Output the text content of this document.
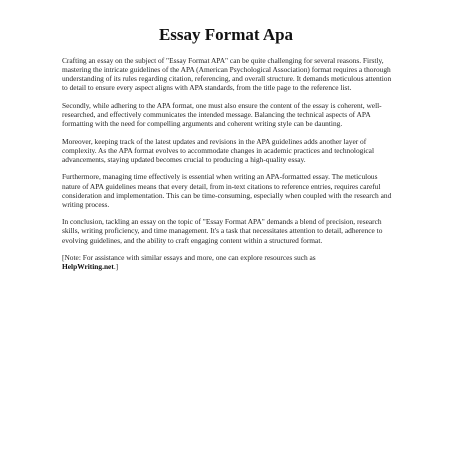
Essay Format Apa

Crafting an essay on the subject of "Essay Format APA" can be quite challenging for several reasons. Firstly, mastering the intricate guidelines of the APA (American Psychological Association) format requires a thorough understanding of its rules regarding citation, referencing, and overall structure. It demands meticulous attention to detail to ensure every aspect aligns with APA standards, from the title page to the reference list.

Secondly, while adhering to the APA format, one must also ensure the content of the essay is coherent, well-researched, and effectively communicates the intended message. Balancing the technical aspects of APA formatting with the need for compelling arguments and coherent writing style can be daunting.

Moreover, keeping track of the latest updates and revisions in the APA guidelines adds another layer of complexity. As the APA format evolves to accommodate changes in academic practices and technological advancements, staying updated becomes crucial to producing a high-quality essay.

Furthermore, managing time effectively is essential when writing an APA-formatted essay. The meticulous nature of APA guidelines means that every detail, from in-text citations to reference entries, requires careful consideration and implementation. This can be time-consuming, especially when coupled with the research and writing process.

In conclusion, tackling an essay on the topic of "Essay Format APA" demands a blend of precision, research skills, writing proficiency, and time management. It's a task that necessitates attention to detail, adherence to evolving guidelines, and the ability to craft engaging content within a structured format.

[Note: For assistance with similar essays and more, one can explore resources such as
HelpWriting.net.]
